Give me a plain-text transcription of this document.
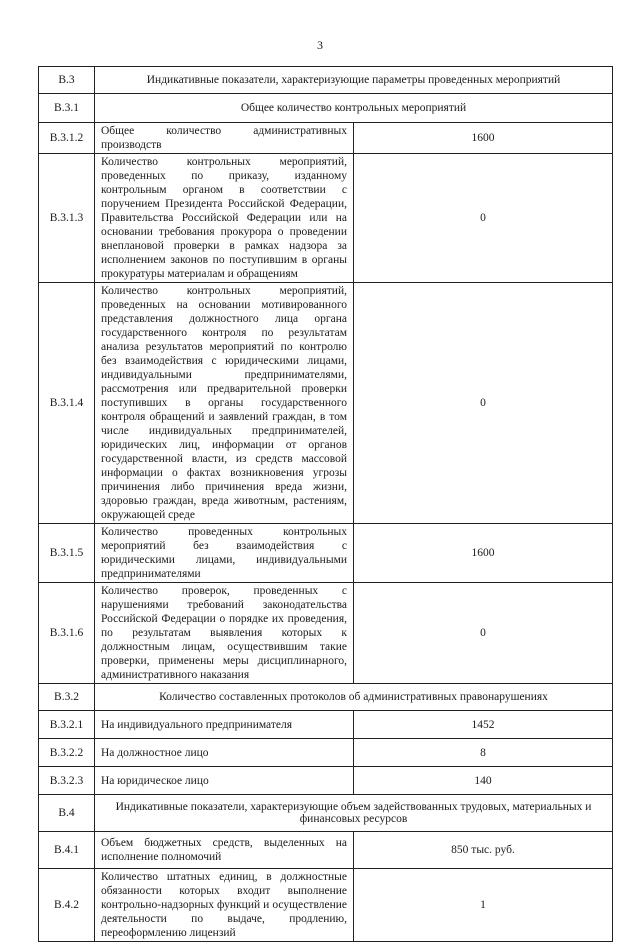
3
В.3	Индикативные показатели, характеризующие параметры проведенных мероприятий	
В.3.1	Общее количество контрольных мероприятий	
В.3.1.2	Общее количество административных производств	1600
В.3.1.3	Количество контрольных мероприятий, проведенных по приказу, изданному контрольным органом в соответствии с поручением Президента Российской Федерации, Правительства Российской Федерации или на основании требования прокурора о проведении внеплановой проверки в рамках надзора за исполнением законов по поступившим в органы прокуратуры материалам и обращениям	0
В.3.1.4	Количество контрольных мероприятий, проведенных на основании мотивированного представления должностного лица органа государственного контроля по результатам анализа результатов мероприятий по контролю без взаимодействия с юридическими лицами, индивидуальными предпринимателями, рассмотрения или предварительной проверки поступивших в органы государственного контроля обращений и заявлений граждан, в том числе индивидуальных предпринимателей, юридических лиц, информации от органов государственной власти, из средств массовой информации о фактах возникновения угрозы причинения либо причинения вреда жизни, здоровью граждан, вреда животным, растениям, окружающей среде	0
В.3.1.5	Количество проведенных контрольных мероприятий без взаимодействия с юридическими лицами, индивидуальными предпринимателями	1600
В.3.1.6	Количество проверок, проведенных с нарушениями требований законодательства Российской Федерации о порядке их проведения, по результатам выявления которых к должностным лицам, осуществившим такие проверки, применены меры дисциплинарного, административного наказания	0
В.3.2	Количество составленных протоколов об административных правонарушениях	
В.3.2.1	На индивидуального предпринимателя	1452
В.3.2.2	На должностное лицо	8
В.3.2.3	На юридическое лицо	140
В.4	Индикативные показатели, характеризующие объем задействованных трудовых, материальных и финансовых ресурсов	
В.4.1	Объем бюджетных средств, выделенных на исполнение полномочий	850 тыс. руб.
В.4.2	Количество штатных единиц, в должностные обязанности которых входит выполнение контрольно-надзорных функций и осуществление деятельности по выдаче, продлению, переоформлению лицензий	1
